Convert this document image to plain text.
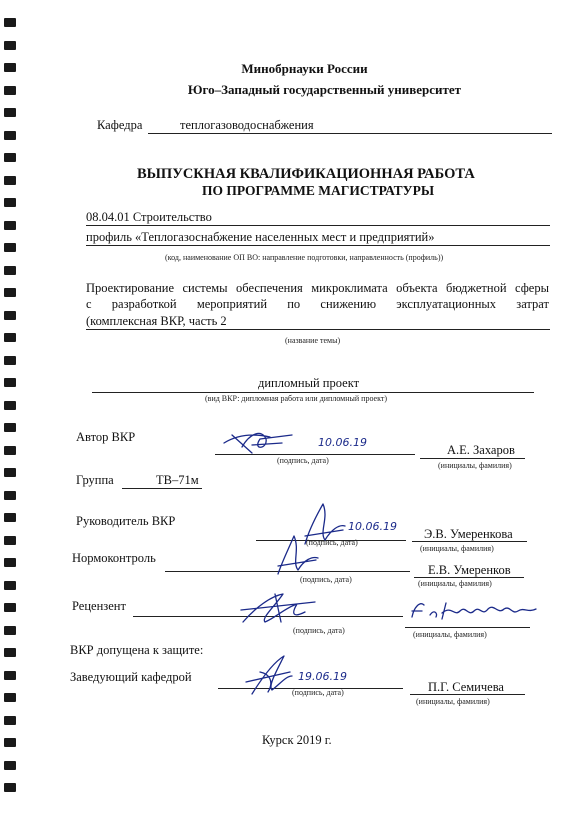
Минобрнауки России
Юго–Западный государственный университет
Кафедра	теплогазоводоснабжения
ВЫПУСКНАЯ КВАЛИФИКАЦИОННАЯ РАБОТА
ПО ПРОГРАММЕ МАГИСТРАТУРЫ
08.04.01 Строительство
профиль «Теплогазоснабжение населенных мест и предприятий»
(код, наименование ОП ВО: направление подготовки, направленность (профиль))
Проектирование системы обеспечения микроклимата объекта бюджетной сферы
с разработкой мероприятий по снижению эксплуатационных затрат
(комплексная ВКР, часть 2
(название темы)
дипломный проект
(вид ВКР: дипломная работа или дипломный проект)
Автор ВКР	10.06.19
(подпись, дата)
А.Е. Захаров
(инициалы, фамилия)
Группа	ТВ–71м
Руководитель ВКР	10.06.19
(подпись, дата)
Э.В. Умеренкова
(инициалы, фамилия)
Нормоконтроль
(подпись, дата)
Е.В. Умеренков
(инициалы, фамилия)
Рецензент
(подпись, дата)	(инициалы, фамилия)
ВКР допущена к защите:
Заведующий кафедрой	19.06.19
(подпись, дата)	П.Г. Семичева
(инициалы, фамилия)
Курск 2019 г.
